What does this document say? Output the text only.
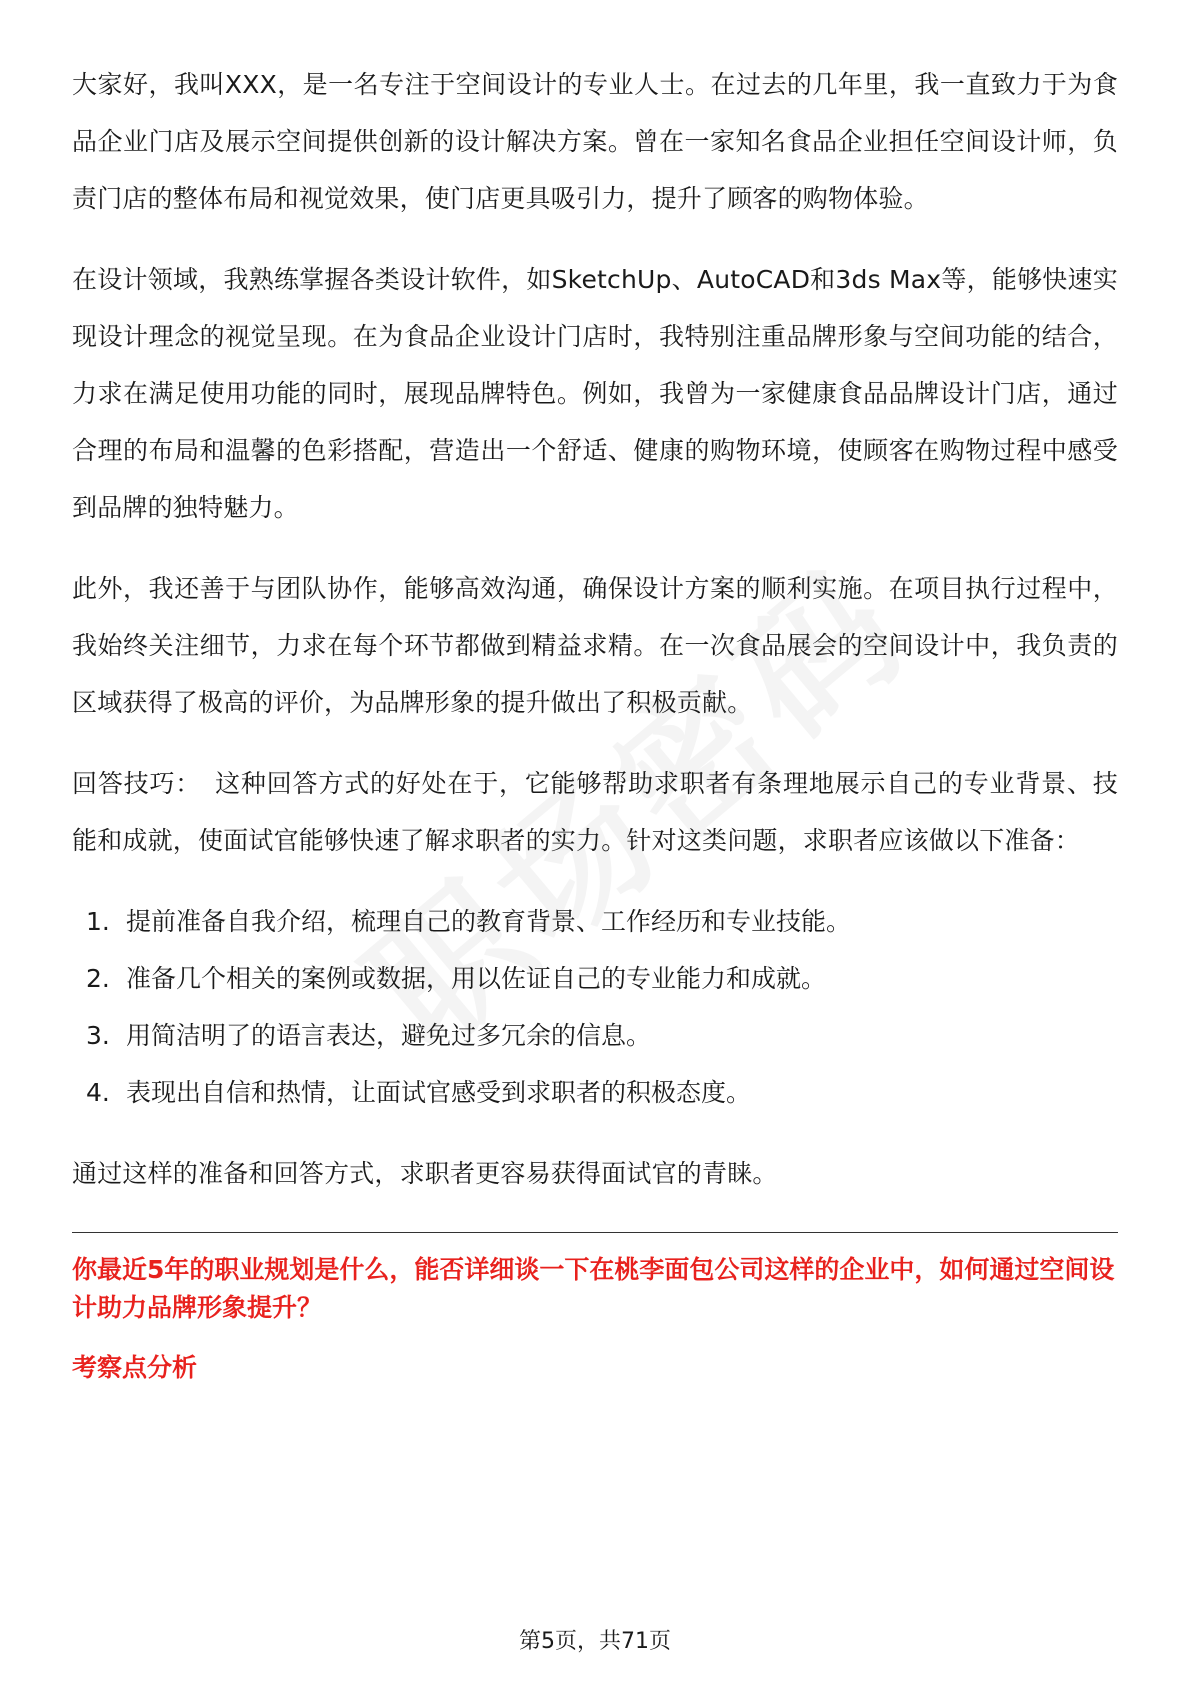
大家好，我叫XXX，是一名专注于空间设计的专业人士。在过去的几年里，我一直致力于为食品企业门店及展示空间提供创新的设计解决方案。曾在一家知名食品企业担任空间设计师，负责门店的整体布局和视觉效果，使门店更具吸引力，提升了顾客的购物体验。

在设计领域，我熟练掌握各类设计软件，如SketchUp、AutoCAD和3ds Max等，能够快速实现设计理念的视觉呈现。在为食品企业设计门店时，我特别注重品牌形象与空间功能的结合，力求在满足使用功能的同时，展现品牌特色。例如，我曾为一家健康食品品牌设计门店，通过合理的布局和温馨的色彩搭配，营造出一个舒适、健康的购物环境，使顾客在购物过程中感受到品牌的独特魅力。

此外，我还善于与团队协作，能够高效沟通，确保设计方案的顺利实施。在项目执行过程中，我始终关注细节，力求在每个环节都做到精益求精。在一次食品展会的空间设计中，我负责的区域获得了极高的评价，为品牌形象的提升做出了积极贡献。

回答技巧： 这种回答方式的好处在于，它能够帮助求职者有条理地展示自己的专业背景、技能和成就，使面试官能够快速了解求职者的实力。针对这类问题，求职者应该做以下准备：

1. 提前准备自我介绍，梳理自己的教育背景、工作经历和专业技能。
2. 准备几个相关的案例或数据，用以佐证自己的专业能力和成就。
3. 用简洁明了的语言表达，避免过多冗余的信息。
4. 表现出自信和热情，让面试官感受到求职者的积极态度。

通过这样的准备和回答方式，求职者更容易获得面试官的青睐。

你最近5年的职业规划是什么，能否详细谈一下在桃李面包公司这样的企业中，如何通过空间设计助力品牌形象提升？

考察点分析

第5页，共71页
